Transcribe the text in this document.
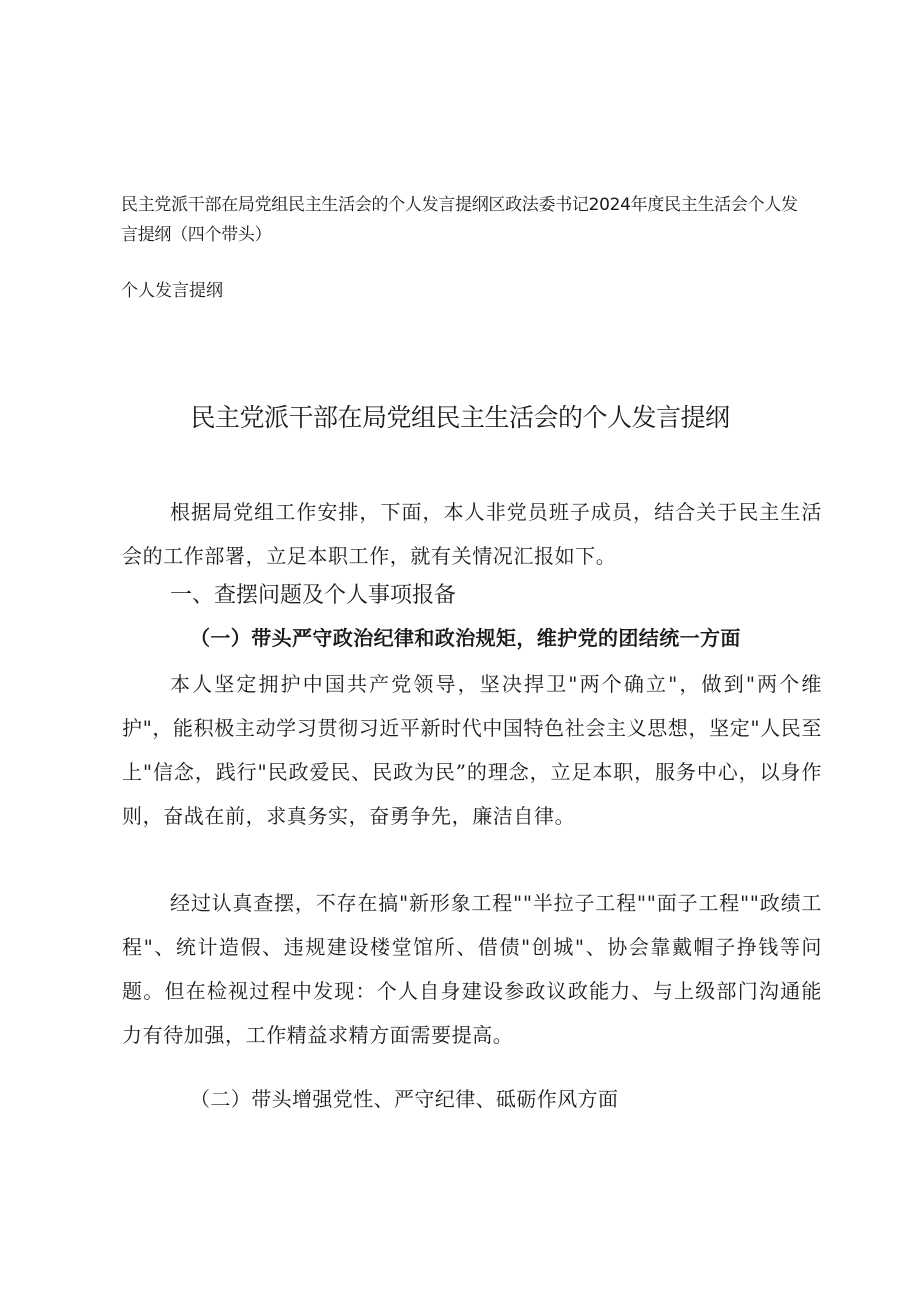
民主党派干部在局党组民主生活会的个人发言提纲区政法委书记2024年度民主生活会个人发言提纲（四个带头）

个人发言提纲

民主党派干部在局党组民主生活会的个人发言提纲

根据局党组工作安排，下面，本人非党员班子成员，结合关于民主生活会的工作部署，立足本职工作，就有关情况汇报如下。

一、查摆问题及个人事项报备
（一）带头严守政治纪律和政治规矩，维护党的团结统一方面

本人坚定拥护中国共产党领导，坚决捍卫"两个确立"，做到"两个维护"，能积极主动学习贯彻习近平新时代中国特色社会主义思想，坚定"人民至上"信念，践行"民政爱民、民政为民”的理念，立足本职，服务中心，以身作则，奋战在前，求真务实，奋勇争先，廉洁自律。

经过认真查摆，不存在搞"新形象工程""半拉子工程""面子工程""政绩工程"、统计造假、违规建设楼堂馆所、借债"创城"、协会靠戴帽子挣钱等问题。但在检视过程中发现：个人自身建设参政议政能力、与上级部门沟通能力有待加强，工作精益求精方面需要提高。

（二）带头增强党性、严守纪律、砥砺作风方面
